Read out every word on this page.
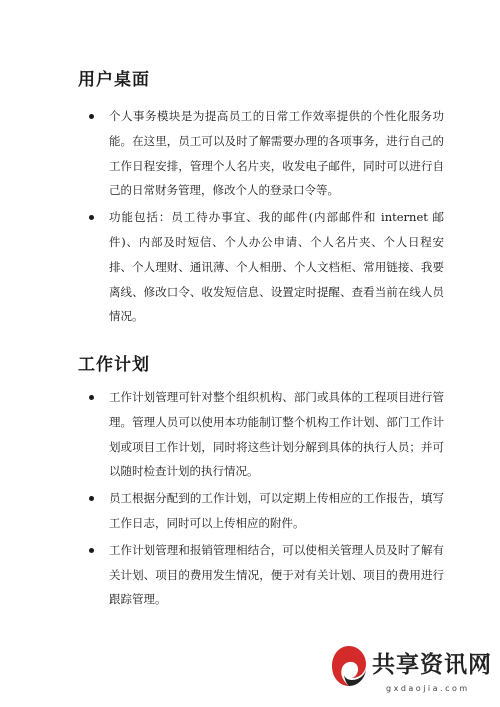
用户桌面
个人事务模块是为提高员工的日常工作效率提供的个性化服务功能。在这里，员工可以及时了解需要办理的各项事务，进行自己的工作日程安排，管理个人名片夹，收发电子邮件，同时可以进行自己的日常财务管理，修改个人的登录口令等。
功能包括：员工待办事宜、我的邮件(内部邮件和 internet 邮件)、内部及时短信、个人办公申请、个人名片夹、个人日程安排、个人理财、通讯薄、个人相册、个人文档柜、常用链接、我要离线、修改口令、收发短信息、设置定时提醒、查看当前在线人员情况。
工作计划
工作计划管理可针对整个组织机构、部门或具体的工程项目进行管理。管理人员可以使用本功能制订整个机构工作计划、部门工作计划或项目工作计划，同时将这些计划分解到具体的执行人员；并可以随时检查计划的执行情况。
员工根据分配到的工作计划，可以定期上传相应的工作报告，填写工作日志，同时可以上传相应的附件。
工作计划管理和报销管理相结合，可以使相关管理人员及时了解有关计划、项目的费用发生情况，便于对有关计划、项目的费用进行跟踪管理。
共享资讯网
gxdaojia.com
